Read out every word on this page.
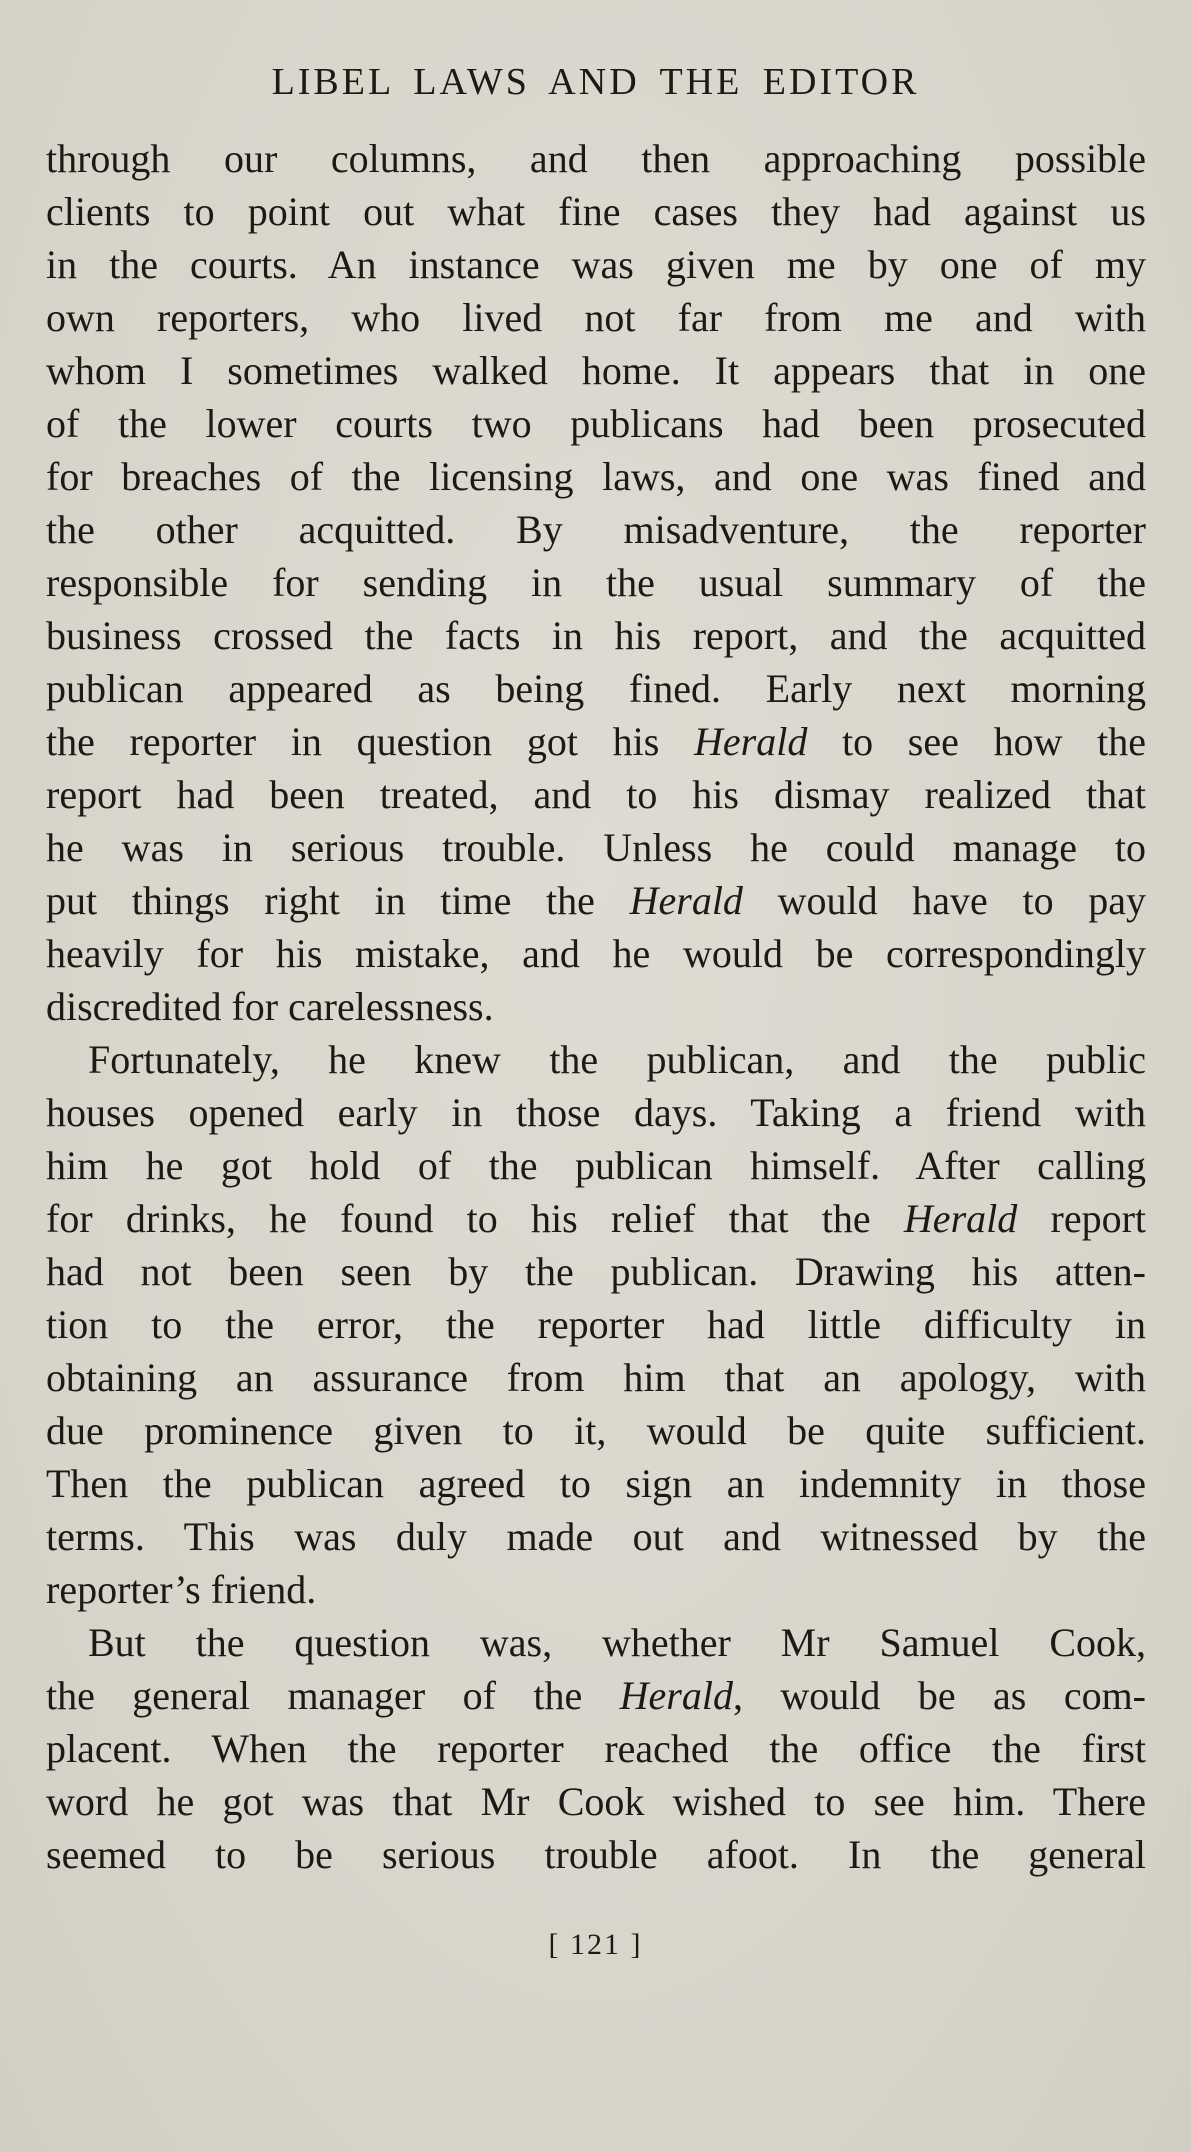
LIBEL LAWS AND THE EDITOR
through our columns, and then approaching possible
clients to point out what fine cases they had against us
in the courts. An instance was given me by one of my
own reporters, who lived not far from me and with
whom I sometimes walked home. It appears that in one
of the lower courts two publicans had been prosecuted
for breaches of the licensing laws, and one was fined and
the other acquitted. By misadventure, the reporter
responsible for sending in the usual summary of the
business crossed the facts in his report, and the acquitted
publican appeared as being fined. Early next morning
the reporter in question got his Herald to see how the
report had been treated, and to his dismay realized that
he was in serious trouble. Unless he could manage to
put things right in time the Herald would have to pay
heavily for his mistake, and he would be correspondingly
discredited for carelessness.
Fortunately, he knew the publican, and the public
houses opened early in those days. Taking a friend with
him he got hold of the publican himself. After calling
for drinks, he found to his relief that the Herald report
had not been seen by the publican. Drawing his atten-
tion to the error, the reporter had little difficulty in
obtaining an assurance from him that an apology, with
due prominence given to it, would be quite sufficient.
Then the publican agreed to sign an indemnity in those
terms. This was duly made out and witnessed by the
reporter’s friend.
But the question was, whether Mr Samuel Cook,
the general manager of the Herald, would be as com-
placent. When the reporter reached the office the first
word he got was that Mr Cook wished to see him. There
seemed to be serious trouble afoot. In the general
[ 121 ]
